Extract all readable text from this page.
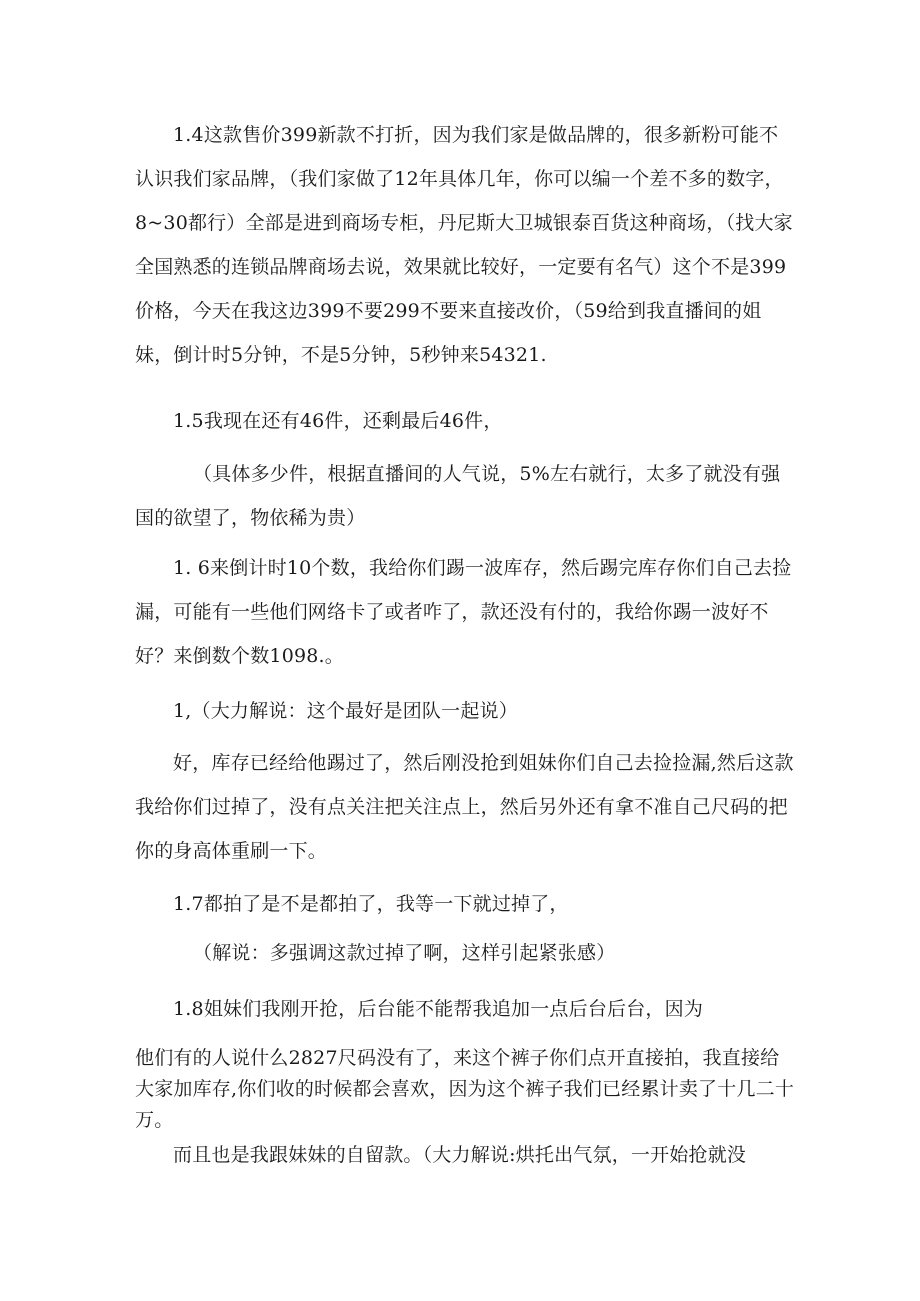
1.4这款售价399新款不打折，因为我们家是做品牌的，很多新粉可能不认识我们家品牌，（我们家做了12年具体几年，你可以编一个差不多的数字，8~30都行）全部是进到商场专柜，丹尼斯大卫城银泰百货这种商场，（找大家全国熟悉的连锁品牌商场去说，效果就比较好，一定要有名气）这个不是399价格，今天在我这边399不要299不要来直接改价，（59给到我直播间的姐妹，倒计时5分钟，不是5分钟，5秒钟来54321.

1.5我现在还有46件，还剩最后46件，

（具体多少件，根据直播间的人气说，5%左右就行，太多了就没有强国的欲望了，物依稀为贵）

1. 6来倒计时10个数，我给你们踢一波库存，然后踢完库存你们自己去捡漏，可能有一些他们网络卡了或者咋了，款还没有付的，我给你踢一波好不好？来倒数个数1098.。

1,（大力解说：这个最好是团队一起说）

好，库存已经给他踢过了，然后刚没抢到姐妹你们自己去捡捡漏,然后这款我给你们过掉了，没有点关注把关注点上，然后另外还有拿不准自己尺码的把你的身高体重刷一下。

1.7都拍了是不是都拍了，我等一下就过掉了，

（解说：多强调这款过掉了啊，这样引起紧张感）

1.8姐妹们我刚开抢，后台能不能帮我追加一点后台后台，因为

他们有的人说什么2827尺码没有了，来这个裤子你们点开直接拍，我直接给大家加库存,你们收的时候都会喜欢，因为这个裤子我们已经累计卖了十几二十万。

而且也是我跟妹妹的自留款。（大力解说:烘托出气氛，一开始抢就没
